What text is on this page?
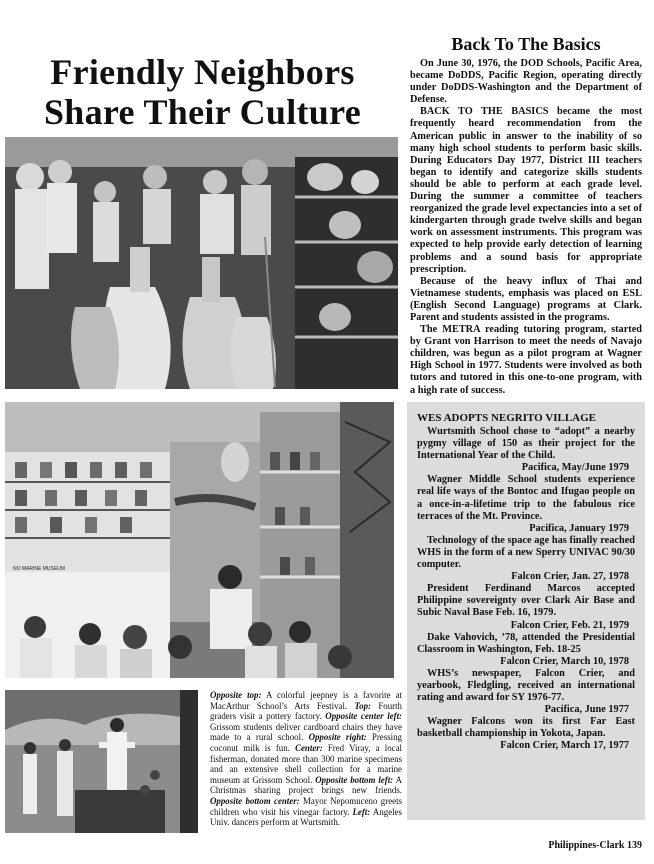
Friendly Neighbors
Share Their Culture
NO MARINE MUSEUM
Opposite top: A colorful jeepney is a favorite at MacArthur School’s Arts Festival. Top: Fourth graders visit a pottery factory. Opposite center left: Grissom students deliver cardboard chairs they have made to a rural school. Opposite right: Pressing coconut milk is fun. Center: Fred Viray, a local fisherman, donated more than 300 marine specimens and an extensive shell collection for a marine museum at Grissom School. Opposite bottom left: A Christmas sharing project brings new friends. Opposite bottom center: Mayor Nepomuceno greets children who visit his vinegar factory. Left: Angeles Univ. dancers perform at Wurtsmith.
Back To The Basics

On June 30, 1976, the DOD Schools, Pacific Area, became DoDDS, Pacific Region, operating directly under DoDDS-Washington and the Department of Defense.

BACK TO THE BASICS became the most frequently heard recommendation from the American public in answer to the inability of so many high school students to perform basic skills. During Educators Day 1977, District III teachers began to identify and categorize skills students should be able to perform at each grade level. During the summer a committee of teachers reorganized the grade level expectancies into a set of kindergarten through grade twelve skills and began work on assessment instruments. This program was expected to help provide early detection of learning problems and a sound basis for appropriate prescription.

Because of the heavy influx of Thai and Vietnamese students, emphasis was placed on ESL (English Second Language) programs at Clark. Parent and students assisted in the programs.

The METRA reading tutoring program, started by Grant von Harrison to meet the needs of Navajo children, was begun as a pilot program at Wagner High School in 1977. Students were involved as both tutors and tutored in this one-to-one program, with a high rate of success.

WES ADOPTS NEGRITO VILLAGE

Wurtsmith School chose to “adopt” a nearby pygmy village of 150 as their project for the International Year of the Child.

Pacifica, May/June 1979

Wagner Middle School students experience real life ways of the Bontoc and Ifugao people on a once-in-a-lifetime trip to the fabulous rice terraces of the Mt. Province.

Pacifica, January 1979

Technology of the space age has finally reached WHS in the form of a new Sperry UNIVAC 90/30 computer.

Falcon Crier, Jan. 27, 1978

President Ferdinand Marcos accepted Philippine sovereignty over Clark Air Base and Subic Naval Base Feb. 16, 1979.

Falcon Crier, Feb. 21, 1979

Dake Vahovich, ’78, attended the Presidential Classroom in Washington, Feb. 18-25

Falcon Crier, March 10, 1978

WHS’s newspaper, Falcon Crier, and yearbook, Fledgling, received an international rating and award for SY 1976-77.

Pacifica, June 1977

Wagner Falcons won its first Far East basketball championship in Yokota, Japan.

Falcon Crier, March 17, 1977

Philippines-Clark 139
